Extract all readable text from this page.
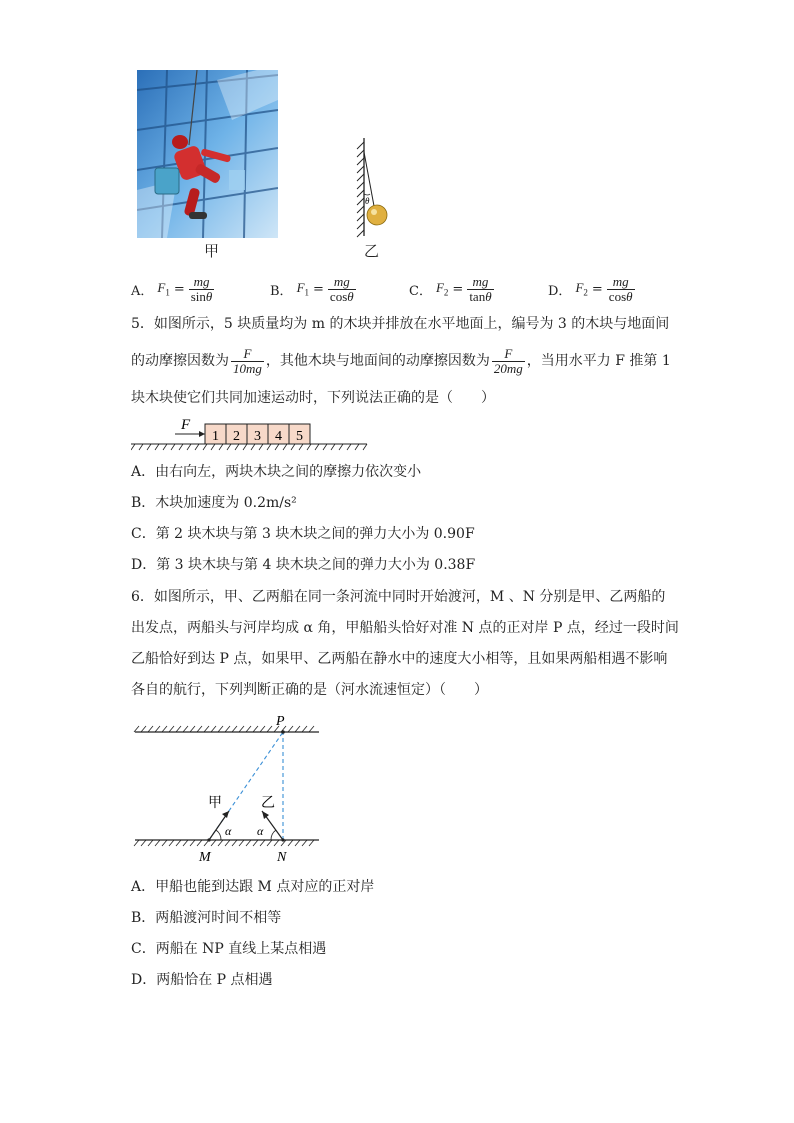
甲
θ
乙
A． $F_1 = \frac{mg}{\sin\theta}$	B． $F_1 = \frac{mg}{\cos\theta}$	C． $F_2 = \frac{mg}{\tan\theta}$	D． $F_2 = \frac{mg}{\cos\theta}$
5．如图所示，5 块质量均为 m 的木块并排放在水平地面上，编号为 3 的木块与地面间
的动摩擦因数为 $\frac{F}{10mg}$ ，其他木块与地面间的动摩擦因数为 $\frac{F}{20mg}$ ，当用水平力 F 推第 1
块木块使它们共同加速运动时，下列说法正确的是（　　）
1 2 3 4 5
F
A．由右向左，两块木块之间的摩擦力依次变小
B．木块加速度为 0.2m/s²
C．第 2 块木块与第 3 块木块之间的弹力大小为 0.90F
D．第 3 块木块与第 4 块木块之间的弹力大小为 0.38F
6．如图所示，甲、乙两船在同一条河流中同时开始渡河，M 、N 分别是甲、乙两船的
出发点，两船头与河岸均成 α 角，甲船船头恰好对准 N 点的正对岸 P 点，经过一段时间
乙船恰好到达 P 点，如果甲、乙两船在静水中的速度大小相等，且如果两船相遇不影响
各自的航行，下列判断正确的是（河水流速恒定）（　　）
P
M	N
甲	乙
α α
A．甲船也能到达跟 M 点对应的正对岸
B．两船渡河时间不相等
C．两船在 NP 直线上某点相遇
D．两船恰在 P 点相遇
